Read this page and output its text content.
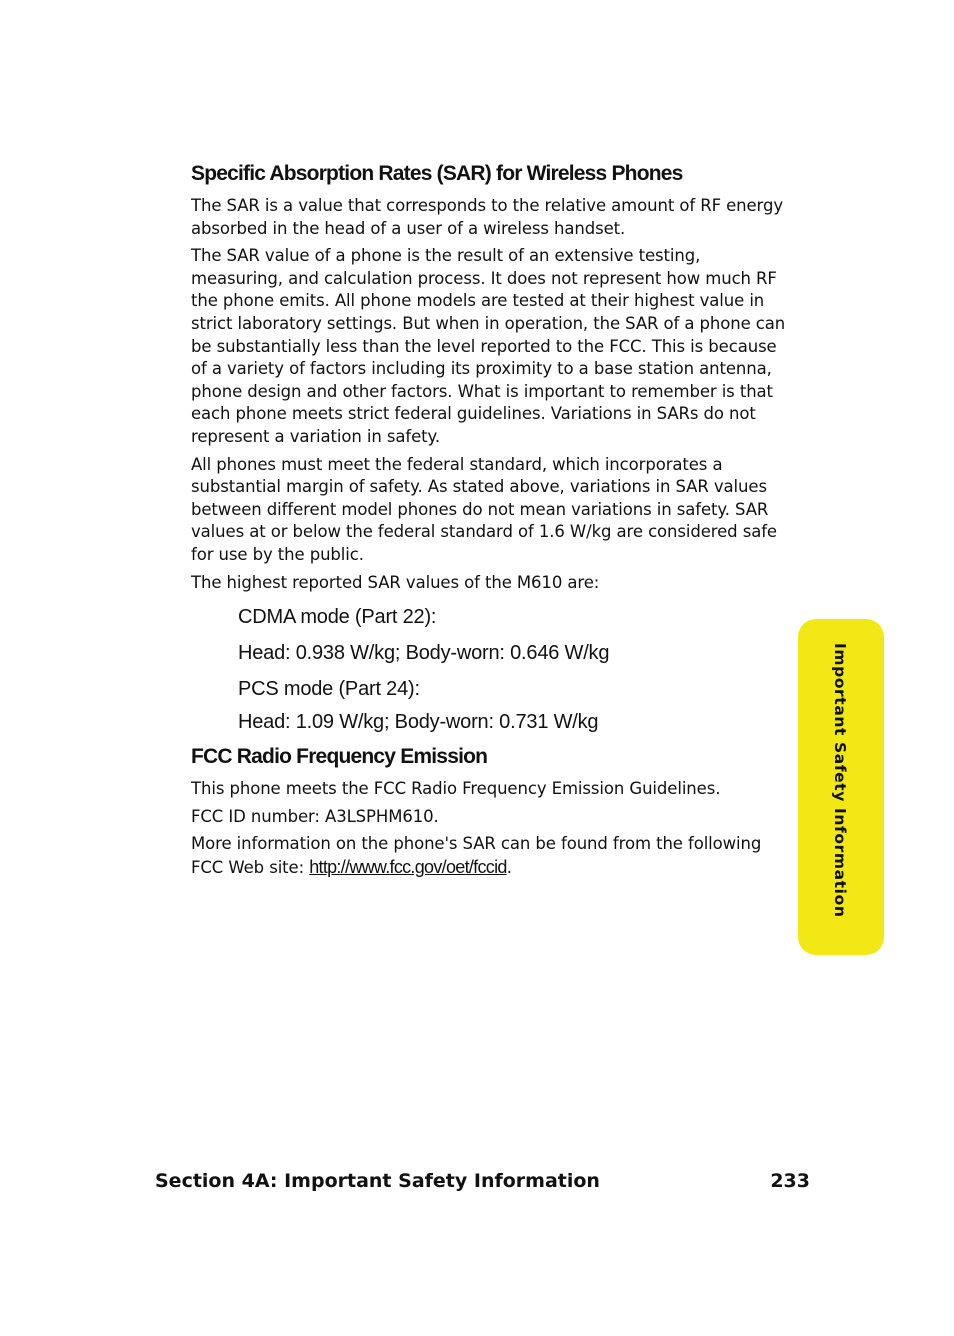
Specific Absorption Rates (SAR) for Wireless Phones

The SAR is a value that corresponds to the relative amount of RF energy absorbed in the head of a user of a wireless handset.

The SAR value of a phone is the result of an extensive testing, measuring, and calculation process. It does not represent how much RF the phone emits. All phone models are tested at their highest value in strict laboratory settings. But when in operation, the SAR of a phone can be substantially less than the level reported to the FCC. This is because of a variety of factors including its proximity to a base station antenna, phone design and other factors. What is important to remember is that each phone meets strict federal guidelines. Variations in SARs do not represent a variation in safety.

All phones must meet the federal standard, which incorporates a substantial margin of safety. As stated above, variations in SAR values between different model phones do not mean variations in safety. SAR values at or below the federal standard of 1.6 W/kg are considered safe for use by the public.

The highest reported SAR values of the M610 are:

CDMA mode (Part 22):
Head: 0.938 W/kg; Body-worn: 0.646 W/kg
PCS mode (Part 24):
Head: 1.09 W/kg; Body-worn: 0.731 W/kg
FCC Radio Frequency Emission

This phone meets the FCC Radio Frequency Emission Guidelines.

FCC ID number: A3LSPHM610.

More information on the phone's SAR can be found from the following FCC Web site: http://www.fcc.gov/oet/fccid.	Important Safety Information
Section 4A: Important Safety Information	233
